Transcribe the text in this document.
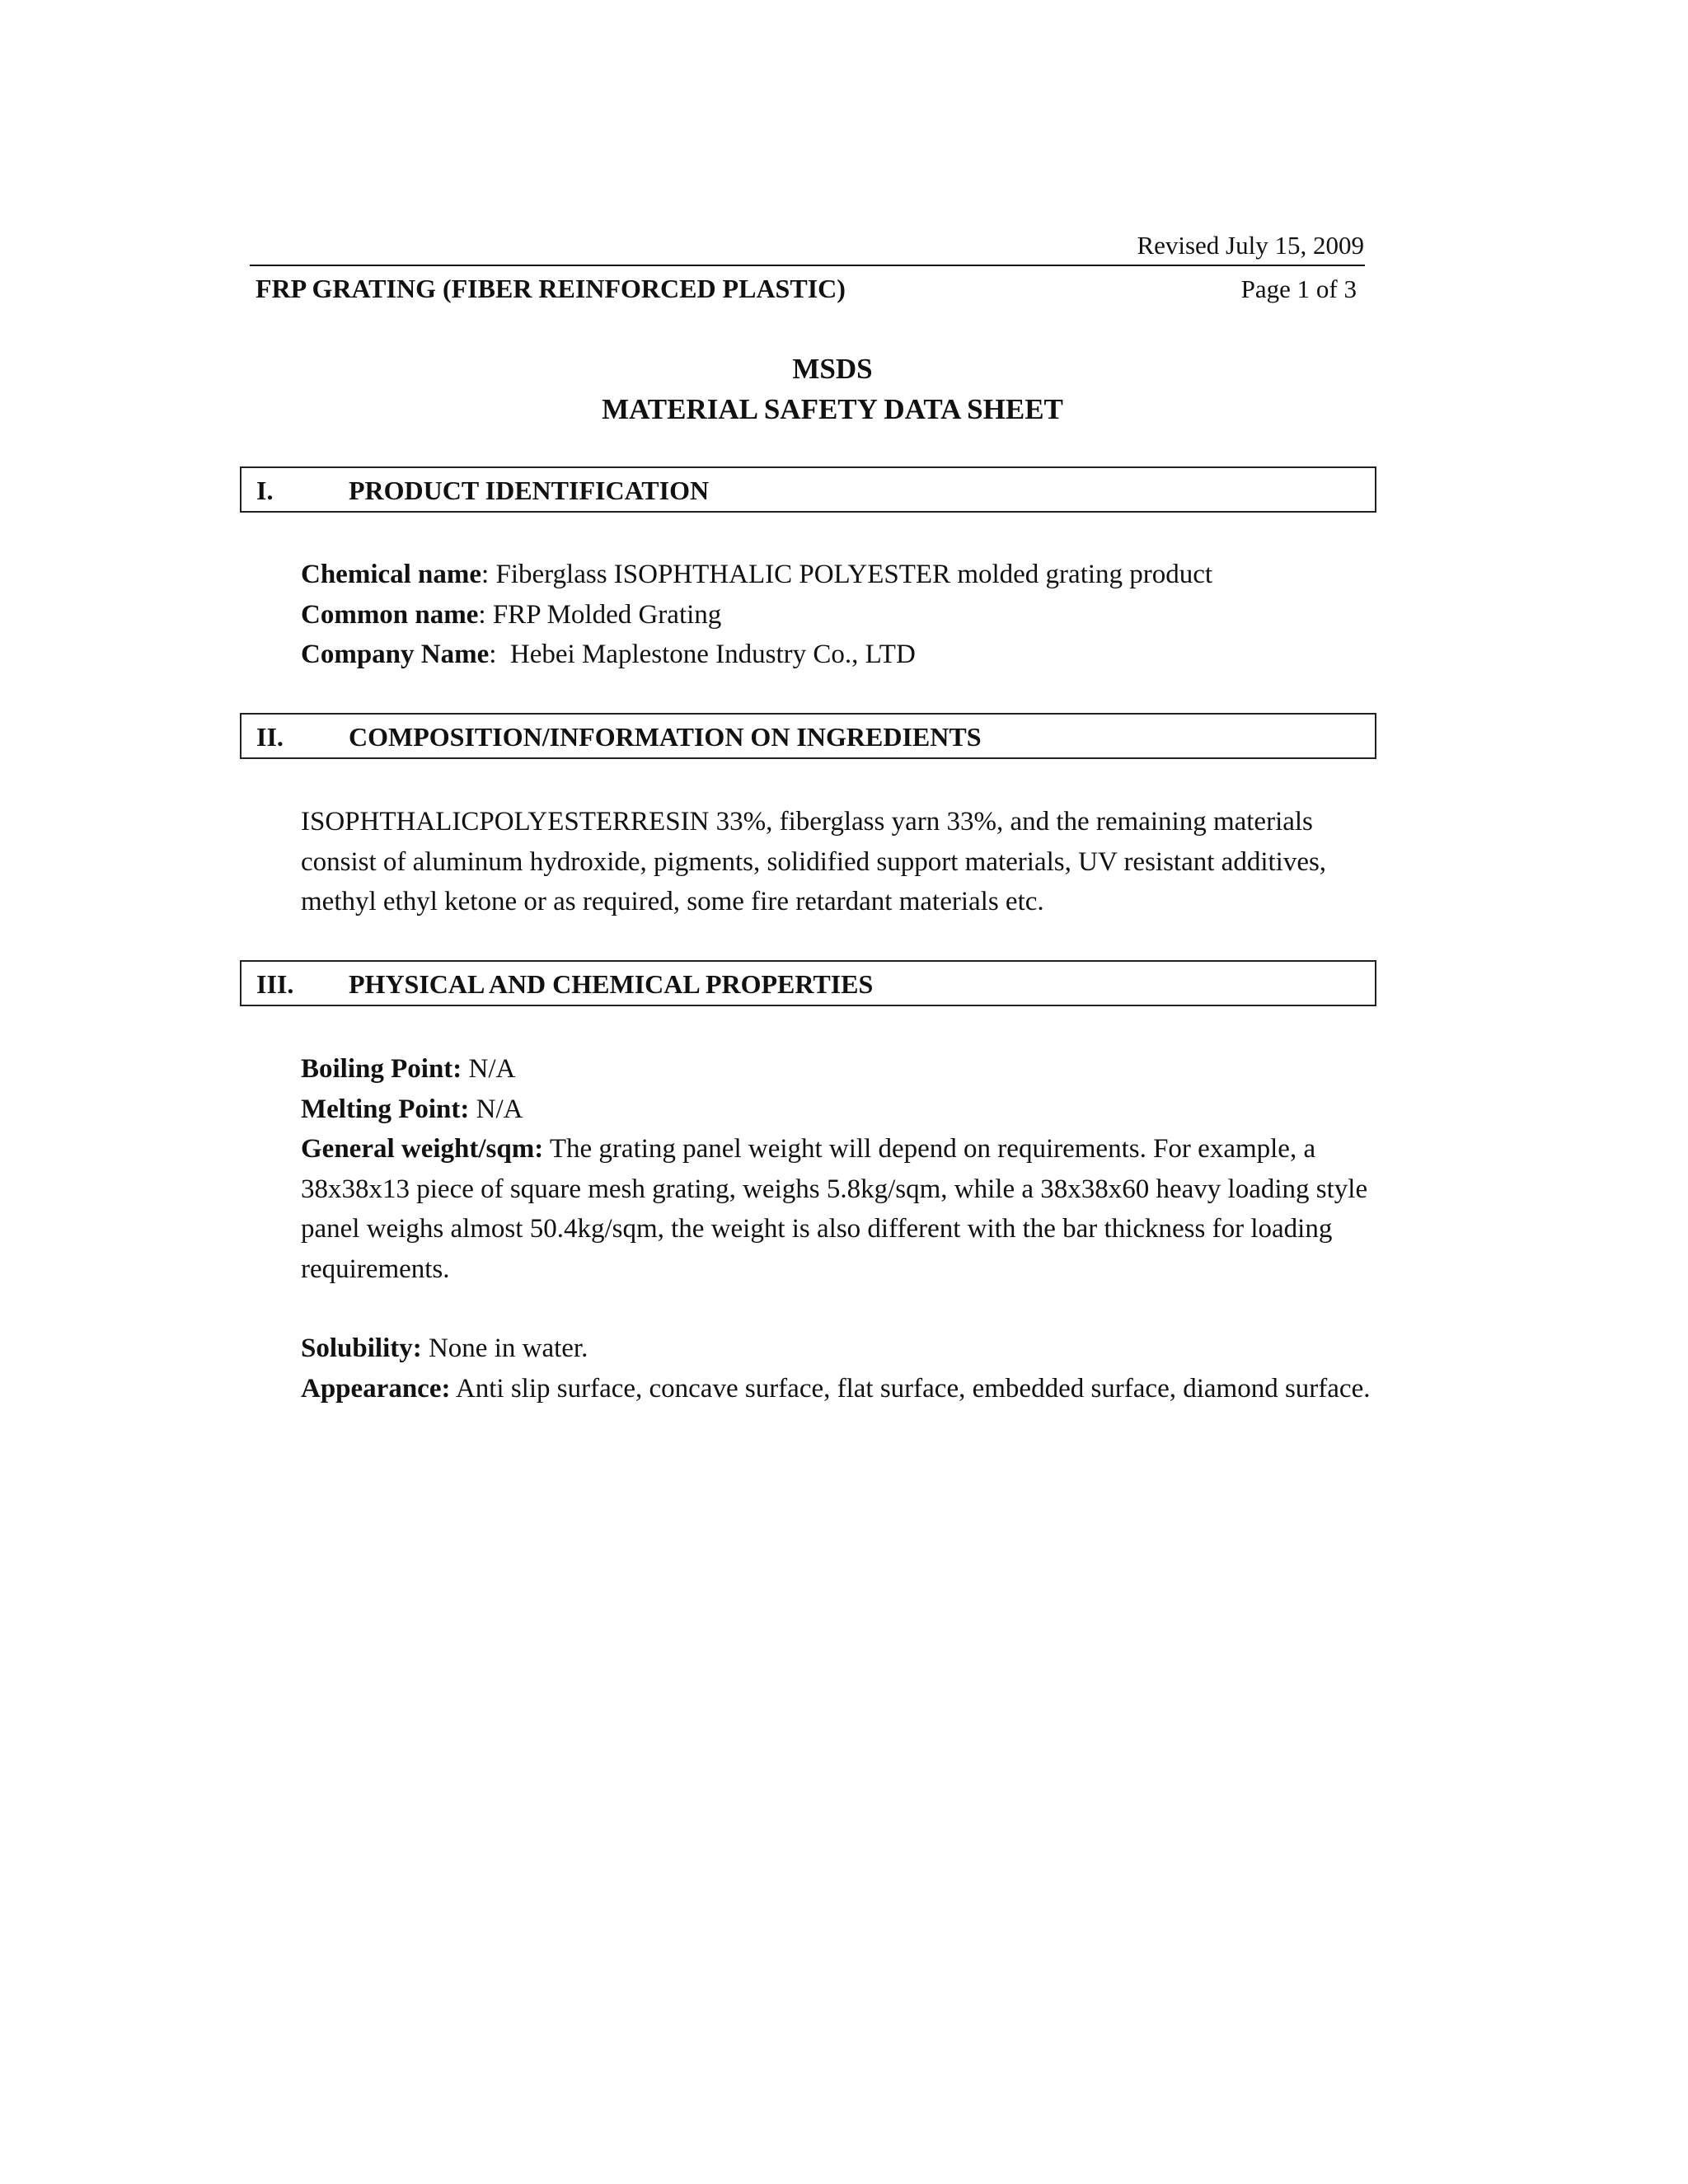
Revised July 15, 2009
FRP GRATING (FIBER REINFORCED PLASTIC)	Page 1 of 3
MSDS
MATERIAL SAFETY DATA SHEET
I.	PRODUCT IDENTIFICATION

Chemical name: Fiberglass ISOPHTHALIC POLYESTER molded grating product

Common name: FRP Molded Grating

Company Name:  Hebei Maplestone Industry Co., LTD

II. COMPOSITION/INFORMATION ON INGREDIENTS

ISOPHTHALICPOLYESTERRESIN 33%, fiberglass yarn 33%, and the remaining materials consist of aluminum hydroxide, pigments, solidified support materials, UV resistant additives, methyl ethyl ketone or as required, some fire retardant materials etc.

III. PHYSICAL AND CHEMICAL PROPERTIES

Boiling Point: N/A

Melting Point: N/A

General weight/sqm: The grating panel weight will depend on requirements. For example, a 38x38x13 piece of square mesh grating, weighs 5.8kg/sqm, while a 38x38x60 heavy loading style panel weighs almost 50.4kg/sqm, the weight is also different with the bar thickness for loading requirements.

Solubility: None in water.

Appearance: Anti slip surface, concave surface, flat surface, embedded surface, diamond surface.
